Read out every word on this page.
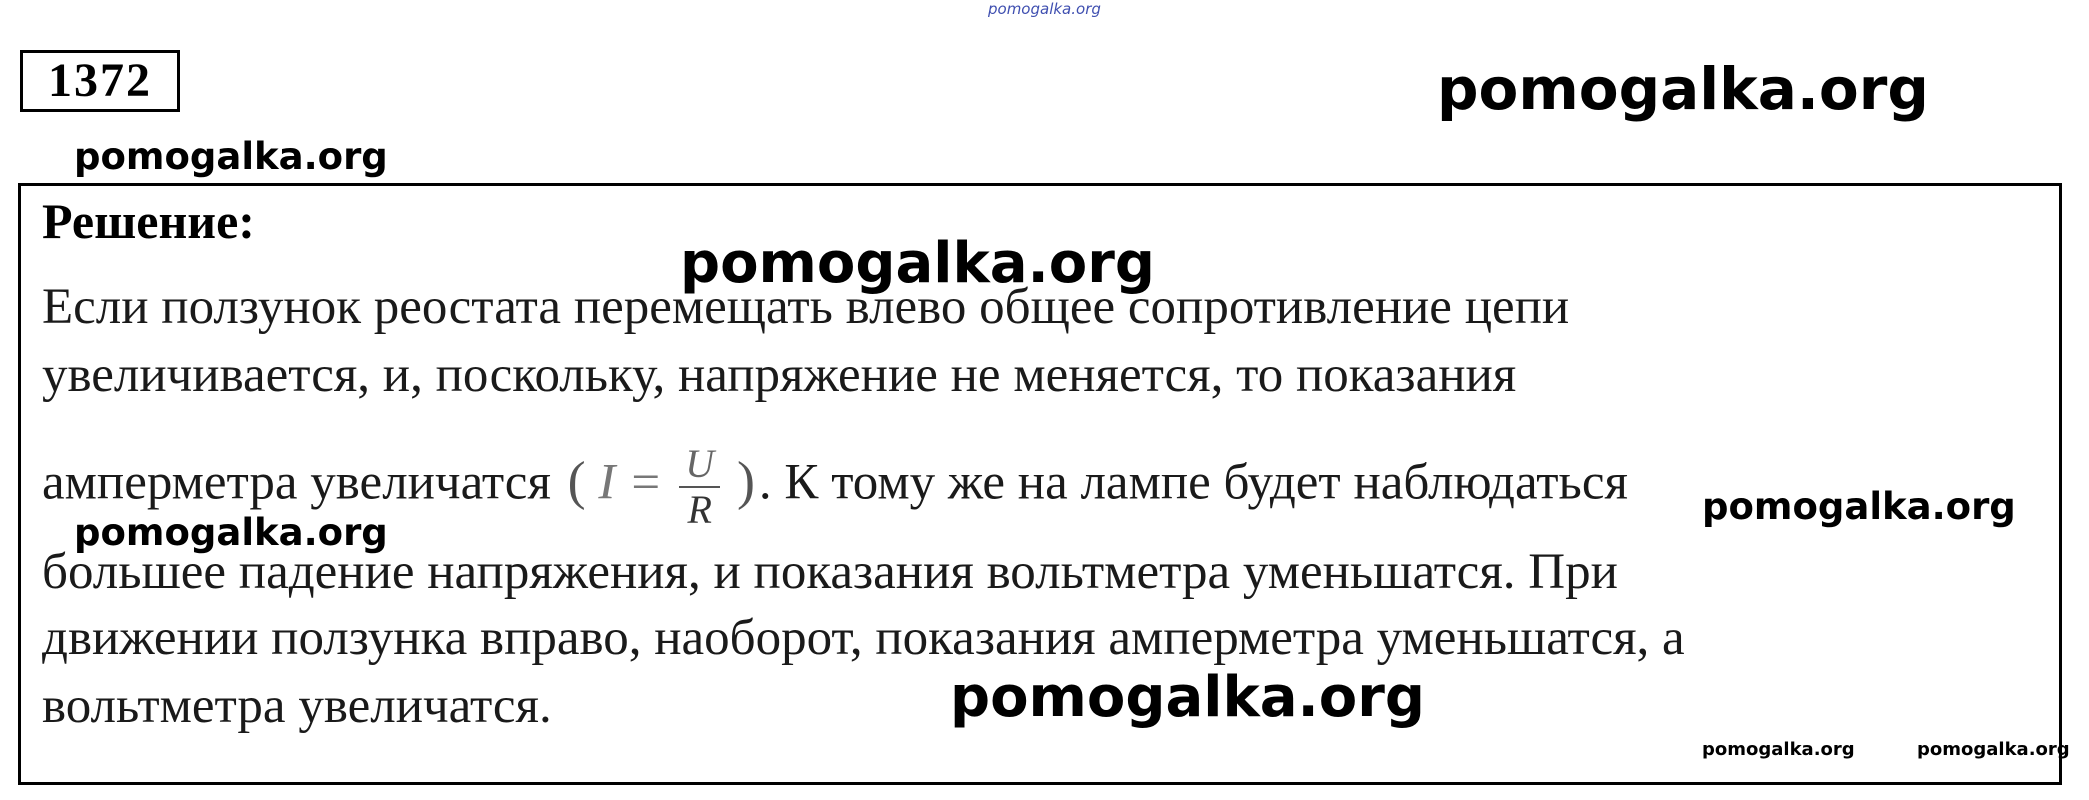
pomogalka.org
pomogalka.org
pomogalka.org
1372
Решение:
Если ползунок реостата перемещать влево общее сопротивление цепи
увеличивается, и, поскольку, напряжение не меняется, то показания
амперметра увеличатся ( $I = \frac{U}{R}$ ). К тому же на лампе будет наблюдаться
большее падение напряжения, и показания вольтметра уменьшатся. При
движении ползунка вправо, наоборот, показания амперметра уменьшатся, а
вольтметра увеличатся.
pomogalka.org
pomogalka.org
pomogalka.org
pomogalka.org
pomogalka.org	pomogalka.org
